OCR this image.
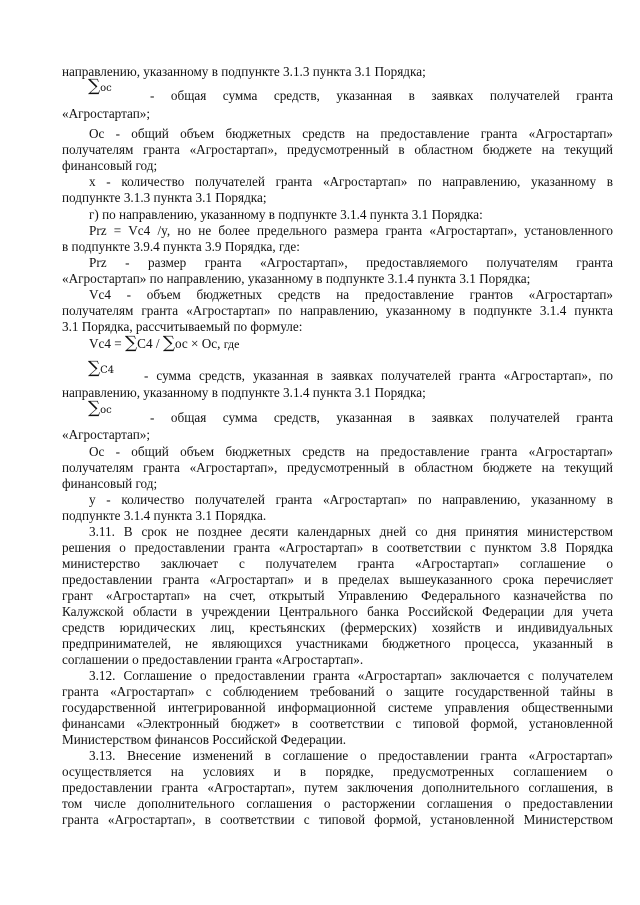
направлению, указанному в подпункте 3.1.3 пункта 3.1 Порядка;
∑ос	- общая сумма средств, указанная в заявках получателей гранта
«Агростартап»;
Ос - общий объем бюджетных средств на предоставление гранта «Агростартап»
получателям гранта «Агростартап», предусмотренный в областном бюджете на текущий
финансовый год;
х - количество получателей гранта «Агростартап» по направлению, указанному в
подпункте 3.1.3 пункта 3.1 Порядка;
г) по направлению, указанному в подпункте 3.1.4 пункта 3.1 Порядка:
Prz = Vc4 /y, но не более предельного размера гранта «Агростартап», установленного
в подпункте 3.9.4 пункта 3.9 Порядка, где:
Prz - размер гранта «Агростартап», предоставляемого получателям гранта
«Агростартап» по направлению, указанному в подпункте 3.1.4 пункта 3.1 Порядка;
Vc4 - объем бюджетных средств на предоставление грантов «Агростартап»
получателям гранта «Агростартап» по направлению, указанному в подпункте 3.1.4 пункта
3.1 Порядка, рассчитываемый по формуле:
Vc4 = ∑С4 / ∑ос × Ос, где
∑С4 - сумма средств, указанная в заявках получателей гранта «Агростартап», по
направлению, указанному в подпункте 3.1.4 пункта 3.1 Порядка;
∑ос	- общая сумма средств, указанная в заявках получателей гранта
«Агростартап»;
Ос - общий объем бюджетных средств на предоставление гранта «Агростартап»
получателям гранта «Агростартап», предусмотренный в областном бюджете на текущий
финансовый год;
у - количество получателей гранта «Агростартап» по направлению, указанному в
подпункте 3.1.4 пункта 3.1 Порядка.
3.11. В срок не позднее десяти календарных дней со дня принятия министерством
решения о предоставлении гранта «Агростартап» в соответствии с пунктом 3.8 Порядка
министерство заключает с получателем гранта «Агростартап» соглашение о
предоставлении гранта «Агростартап» и в пределах вышеуказанного срока перечисляет
грант «Агростартап» на счет, открытый Управлению Федерального казначейства по
Калужской области в учреждении Центрального банка Российской Федерации для учета
средств юридических лиц, крестьянских (фермерских) хозяйств и индивидуальных
предпринимателей, не являющихся участниками бюджетного процесса, указанный в
соглашении о предоставлении гранта «Агростартап».
3.12. Соглашение о предоставлении гранта «Агростартап» заключается с получателем
гранта «Агростартап» с соблюдением требований о защите государственной тайны в
государственной интегрированной информационной системе управления общественными
финансами «Электронный бюджет» в соответствии с типовой формой, установленной
Министерством финансов Российской Федерации.
3.13. Внесение изменений в соглашение о предоставлении гранта «Агростартап»
осуществляется на условиях и в порядке, предусмотренных соглашением о
предоставлении гранта «Агростартап», путем заключения дополнительного соглашения, в
том числе дополнительного соглашения о расторжении соглашения о предоставлении
гранта «Агростартап», в соответствии с типовой формой, установленной Министерством
